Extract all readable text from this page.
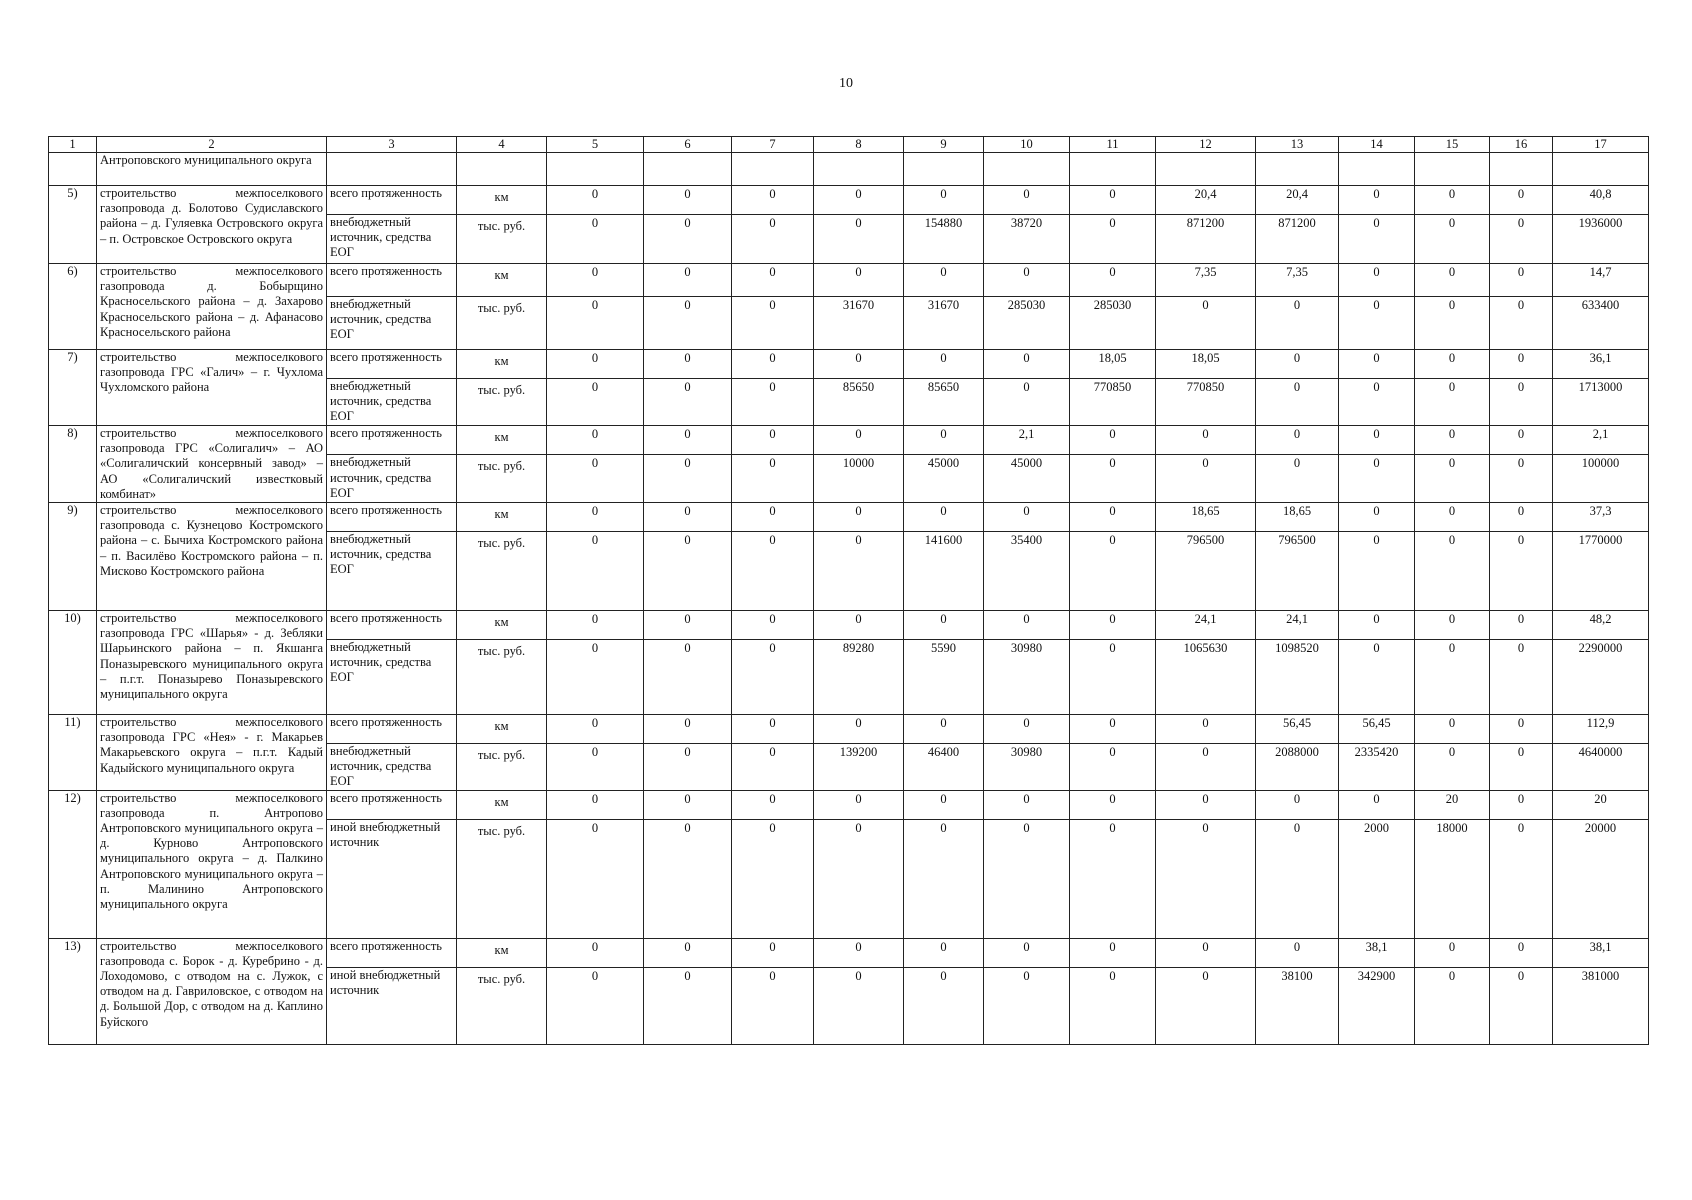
10
1	2	3	4	5	6	7	8	9	10	11	12	13	14	15	16	17
	Антроповского муниципального округа															
5)	строительство межпоселкового газопровода д. Болотово Судиславского района – д. Гуляевка Островского округа – п. Островское Островского округа	всего протяженность	км	0	0	0	0	0	0	0	20,4	20,4	0	0	0	40,8
		внебюджетный источник, средства ЕОГ	тыс. руб.	0	0	0	0	154880	38720	0	871200	871200	0	0	0	1936000
6)	строительство межпоселкового газопровода д. Бобырщино Красносельского района – д. Захарово Красносельского района – д. Афанасово Красносельского района	всего протяженность	км	0	0	0	0	0	0	0	7,35	7,35	0	0	0	14,7
		внебюджетный источник, средства ЕОГ	тыс. руб.	0	0	0	31670	31670	285030	285030	0	0	0	0	0	633400
7)	строительство межпоселкового газопровода ГРС «Галич» – г. Чухлома Чухломского района	всего протяженность	км	0	0	0	0	0	0	18,05	18,05	0	0	0	0	36,1
		внебюджетный источник, средства ЕОГ	тыс. руб.	0	0	0	85650	85650	0	770850	770850	0	0	0	0	1713000
8)	строительство межпоселкового газопровода ГРС «Солигалич» – АО «Солигаличский консервный завод» – АО «Солигаличский известковый комбинат»	всего протяженность	км	0	0	0	0	0	2,1	0	0	0	0	0	0	2,1
		внебюджетный источник, средства ЕОГ	тыс. руб.	0	0	0	10000	45000	45000	0	0	0	0	0	0	100000
9)	строительство межпоселкового газопровода с. Кузнецово Костромского района – с. Бычиха Костромского района – п. Василёво Костромского района – п. Мисково Костромского района	всего протяженность	км	0	0	0	0	0	0	0	18,65	18,65	0	0	0	37,3
		внебюджетный источник, средства ЕОГ	тыс. руб.	0	0	0	0	141600	35400	0	796500	796500	0	0	0	1770000
10)	строительство межпоселкового газопровода ГРС «Шарья» - д. Зебляки Шарьинского района – п. Якшанга Поназыревского муниципального округа – п.г.т. Поназырево Поназыревского муниципального округа	всего протяженность	км	0	0	0	0	0	0	0	24,1	24,1	0	0	0	48,2
		внебюджетный источник, средства ЕОГ	тыс. руб.	0	0	0	89280	5590	30980	0	1065630	1098520	0	0	0	2290000
11)	строительство межпоселкового газопровода ГРС «Нея» - г. Макарьев Макарьевского округа – п.г.т. Кадый Кадыйского муниципального округа	всего протяженность	км	0	0	0	0	0	0	0	0	56,45	56,45	0	0	112,9
		внебюджетный источник, средства ЕОГ	тыс. руб.	0	0	0	139200	46400	30980	0	0	2088000	2335420	0	0	4640000
12)	строительство межпоселкового газопровода п. Антропово Антроповского муниципального округа – д. Курново Антроповского муниципального округа – д. Палкино Антроповского муниципального округа – п. Малинино Антроповского муниципального округа	всего протяженность	км	0	0	0	0	0	0	0	0	0	0	20	0	20
		иной внебюджетный источник	тыс. руб.	0	0	0	0	0	0	0	0	0	2000	18000	0	20000
13)	строительство межпоселкового газопровода с. Борок - д. Куребрино - д. Лоходомово, с отводом на с. Лужок, с отводом на д. Гавриловское, с отводом на д. Большой Дор, с отводом на д. Каплино Буйского	всего протяженность	км	0	0	0	0	0	0	0	0	0	38,1	0	0	38,1
		иной внебюджетный источник	тыс. руб.	0	0	0	0	0	0	0	0	38100	342900	0	0	381000
